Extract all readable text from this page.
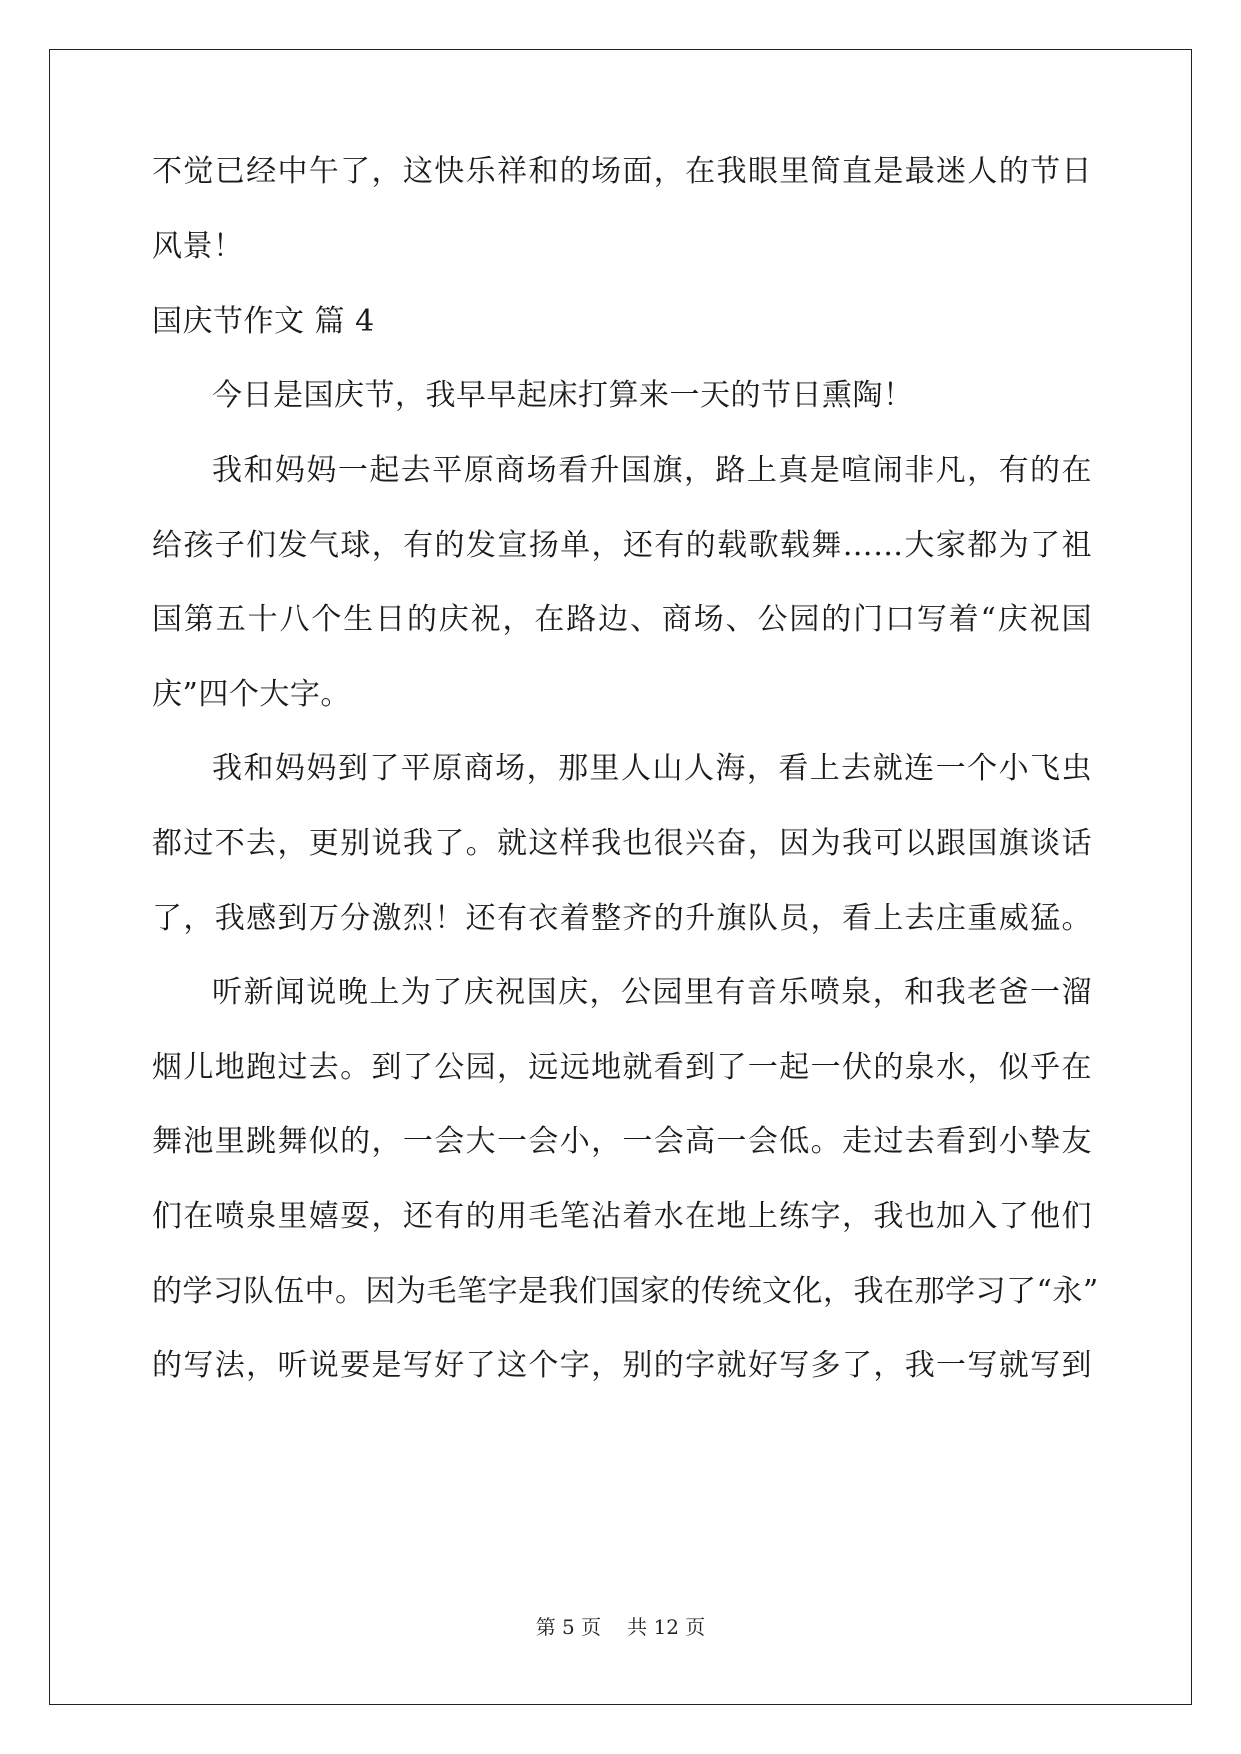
不觉已经中午了，这快乐祥和的场面，在我眼里简直是最迷人的节日
风景！
国庆节作文 篇 4
今日是国庆节，我早早起床打算来一天的节日熏陶！
我和妈妈一起去平原商场看升国旗，路上真是喧闹非凡，有的在
给孩子们发气球，有的发宣扬单，还有的载歌载舞……大家都为了祖
国第五十八个生日的庆祝，在路边、商场、公园的门口写着“庆祝国
庆”四个大字。
我和妈妈到了平原商场，那里人山人海，看上去就连一个小飞虫
都过不去，更别说我了。就这样我也很兴奋，因为我可以跟国旗谈话
了，我感到万分激烈！还有衣着整齐的升旗队员，看上去庄重威猛。
听新闻说晚上为了庆祝国庆，公园里有音乐喷泉，和我老爸一溜
烟儿地跑过去。到了公园，远远地就看到了一起一伏的泉水，似乎在
舞池里跳舞似的，一会大一会小，一会高一会低。走过去看到小挚友
们在喷泉里嬉耍，还有的用毛笔沾着水在地上练字，我也加入了他们
的学习队伍中。因为毛笔字是我们国家的传统文化，我在那学习了“永”
的写法，听说要是写好了这个字，别的字就好写多了，我一写就写到
第 5 页 共 12 页
